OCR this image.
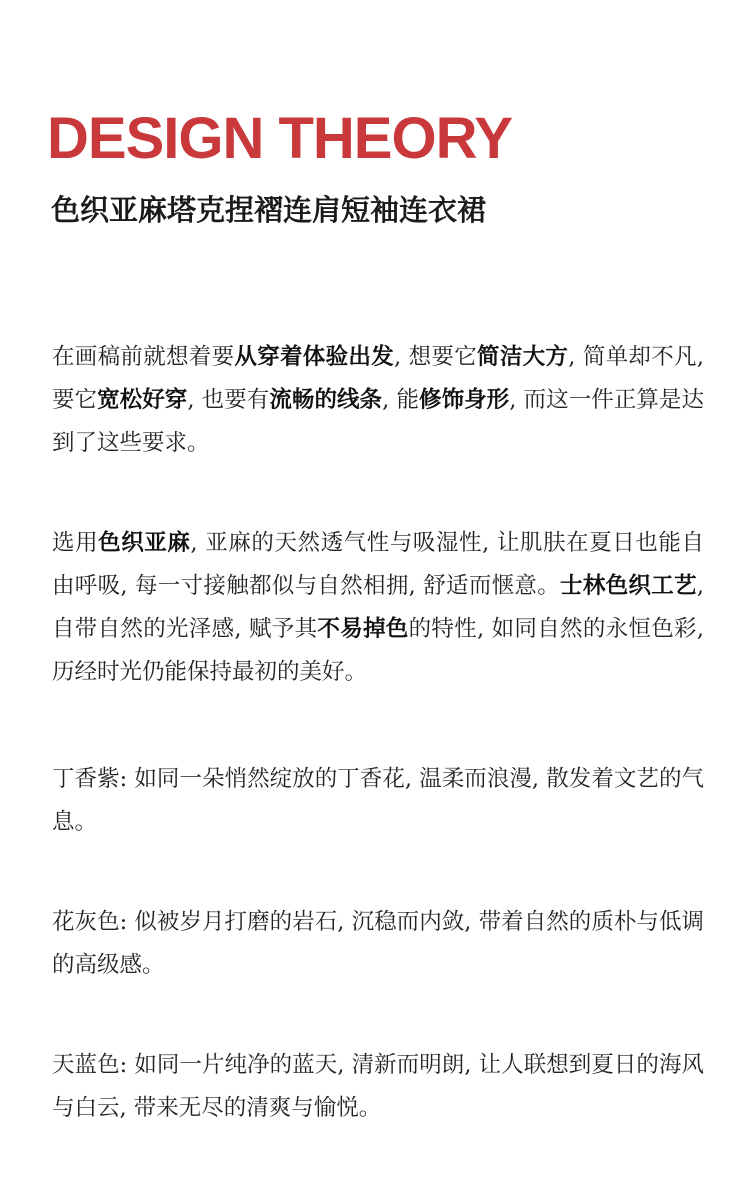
DESIGN THEORY
色织亚麻塔克捏褶连肩短袖连衣裙

在画稿前就想着要从穿着体验出发, 想要它简洁大方, 简单却不凡, 要它宽松好穿, 也要有流畅的线条, 能修饰身形, 而这一件正算是达到了这些要求。

选用色织亚麻, 亚麻的天然透气性与吸湿性, 让肌肤在夏日也能自由呼吸, 每一寸接触都似与自然相拥, 舒适而惬意。士林色织工艺, 自带自然的光泽感, 赋予其不易掉色的特性, 如同自然的永恒色彩, 历经时光仍能保持最初的美好。

丁香紫: 如同一朵悄然绽放的丁香花, 温柔而浪漫, 散发着文艺的气息。

花灰色: 似被岁月打磨的岩石, 沉稳而内敛, 带着自然的质朴与低调的高级感。

天蓝色: 如同一片纯净的蓝天, 清新而明朗, 让人联想到夏日的海风与白云, 带来无尽的清爽与愉悦。
